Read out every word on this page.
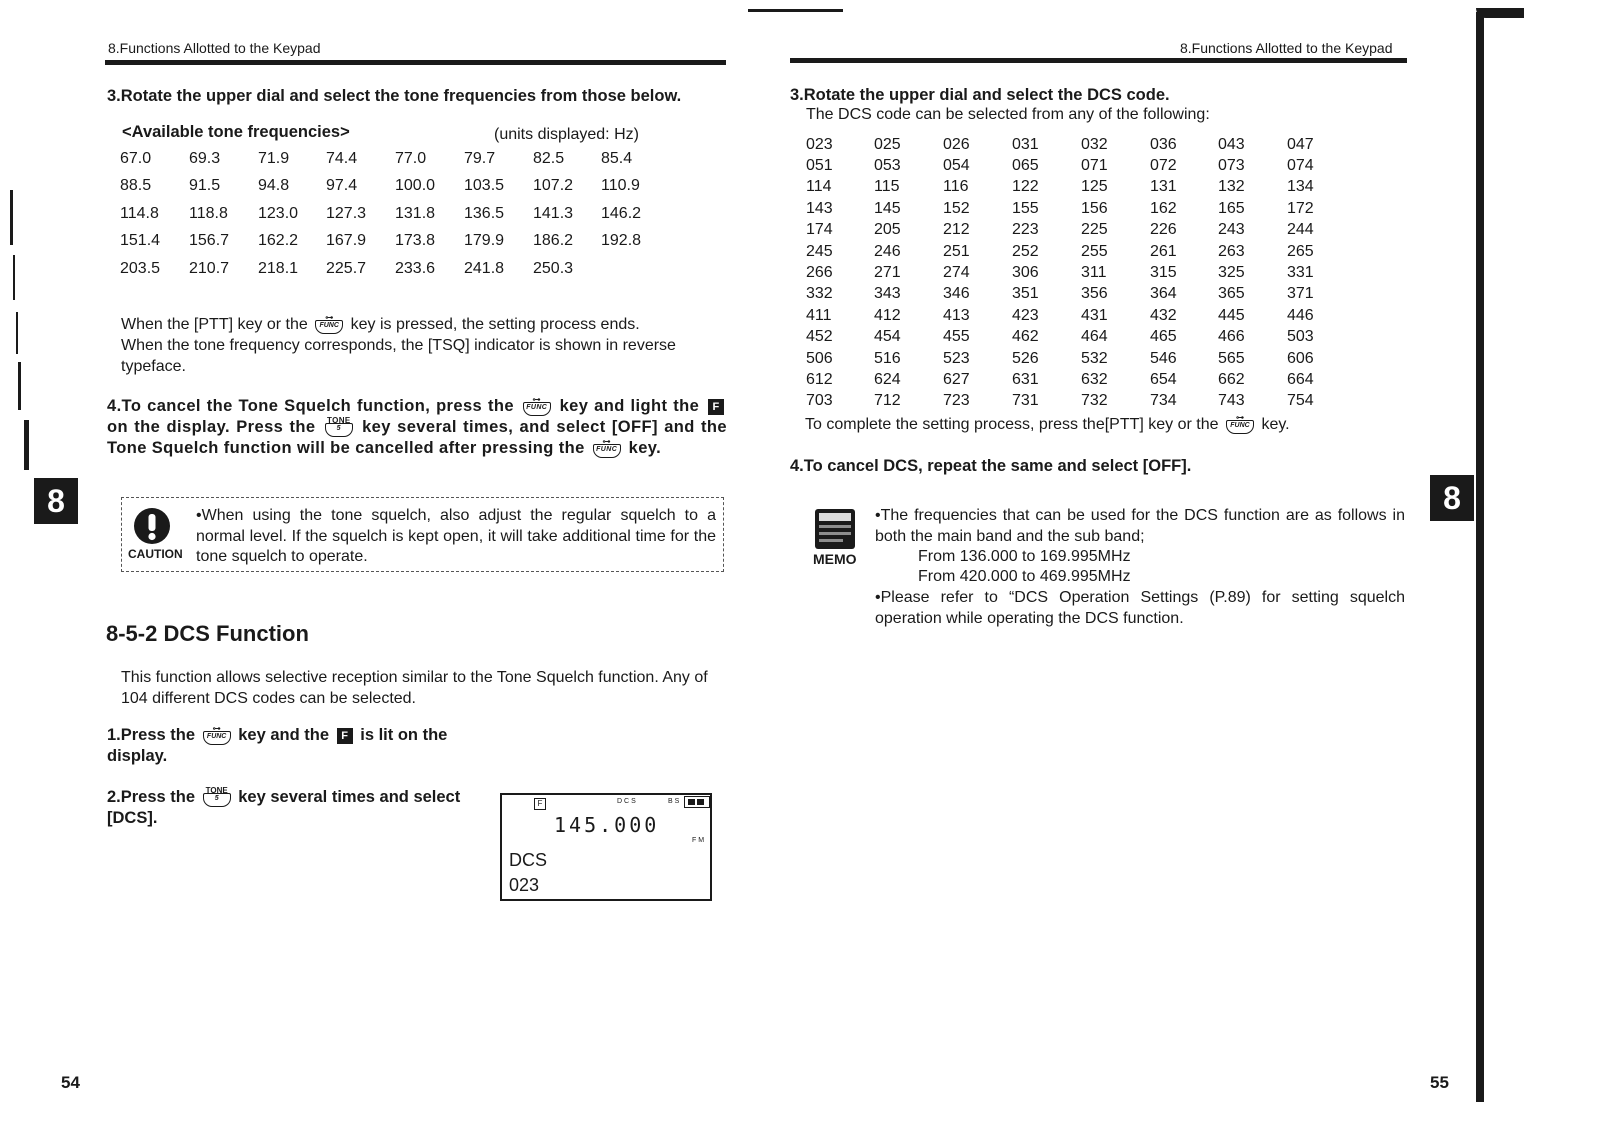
8.Functions Allotted to the Keypad
3.Rotate the upper dial and select the tone frequencies from those below.
<Available tone frequencies>	(units displayed: Hz)
67.0	69.3	71.9	74.4	77.0	79.7	82.5	85.4
88.5	91.5	94.8	97.4	100.0	103.5	107.2	110.9
114.8	118.8	123.0	127.3	131.8	136.5	141.3	146.2
151.4	156.7	162.2	167.9	173.8	179.9	186.2	192.8
203.5	210.7	218.1	225.7	233.6	241.8	250.3	
When the [PTT] key or the	⊶
FUNC key is pressed, the setting process ends.
When the tone frequency corresponds, the [TSQ] indicator is shown in reverse typeface.
4.To cancel the Tone Squelch function, press the	⊶
FUNC key and light the F on the display. Press the TONE
5	key several times, and select [OFF] and the Tone Squelch function will be cancelled after pressing the	⊶
FUNC key.
8
CAUTION
•When using the tone squelch, also adjust the regular squelch to a normal level. If the squelch is kept open, it will take additional time for the tone squelch to operate.
8-5-2 DCS Function
This function allows selective reception similar to the Tone Squelch function. Any of 104 different DCS codes can be selected.
1.Press the	⊶
FUNC key and the F is lit on the display.
2.Press the	TONE
5	key several times and select [DCS].
F	DCS	B S
145.000
F M
DCS
023
54
8.Functions Allotted to the Keypad
3.Rotate the upper dial and select the DCS code.
The DCS code can be selected from any of the following:
023	025	026	031	032	036	043	047
051	053	054	065	071	072	073	074
114	115	116	122	125	131	132	134
143	145	152	155	156	162	165	172
174	205	212	223	225	226	243	244
245	246	251	252	255	261	263	265
266	271	274	306	311	315	325	331
332	343	346	351	356	364	365	371
411	412	413	423	431	432	445	446
452	454	455	462	464	465	466	503
506	516	523	526	532	546	565	606
612	624	627	631	632	654	662	664
703	712	723	731	732	734	743	754
To complete the setting process, press the[PTT] key or the	⊶
FUNC key.
4.To cancel DCS, repeat the same and select [OFF].
MEMO
•The frequencies that can be used for the DCS function are as follows in both the main band and the sub band;
From 136.000 to 169.995MHz
From 420.000 to 469.995MHz
•Please refer to “DCS Operation Settings (P.89) for setting squelch operation while operating the DCS function.
8
55
